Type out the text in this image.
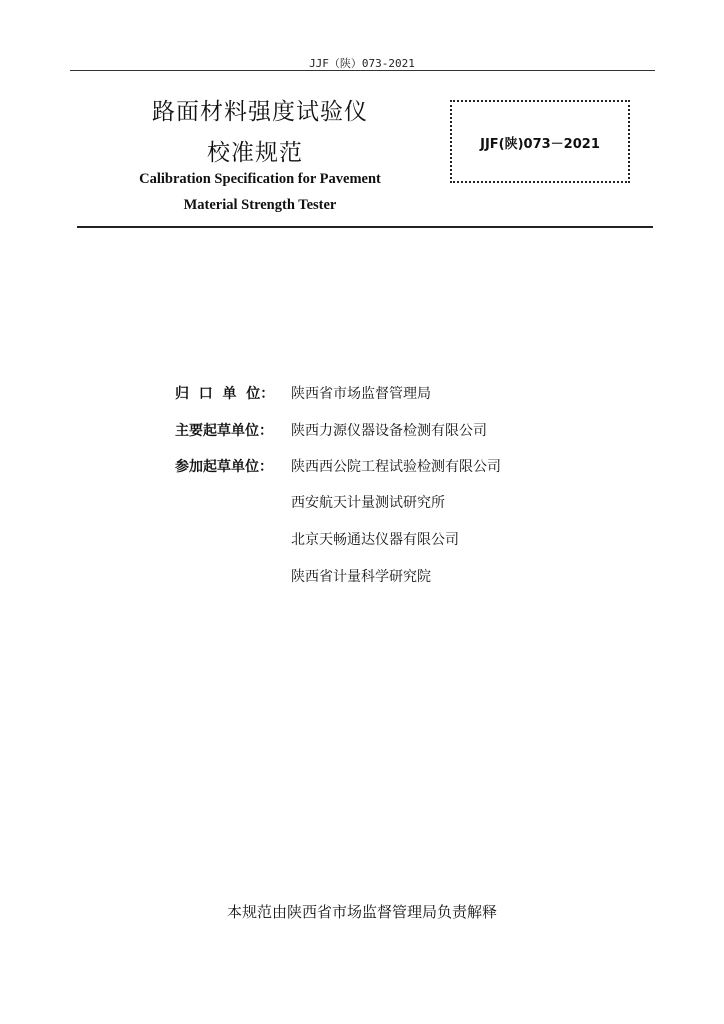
JJF（陕）073-2021
路面材料强度试验仪
校准规范
Calibration Specification for Pavement
Material Strength Tester
JJF(陕)073－2021
归  口  单  位： 陕西省市场监督管理局
主要起草单位： 陕西力源仪器设备检测有限公司
参加起草单位： 陕西西公院工程试验检测有限公司
西安航天计量测试研究所
北京天畅通达仪器有限公司
陕西省计量科学研究院
本规范由陕西省市场监督管理局负责解释
